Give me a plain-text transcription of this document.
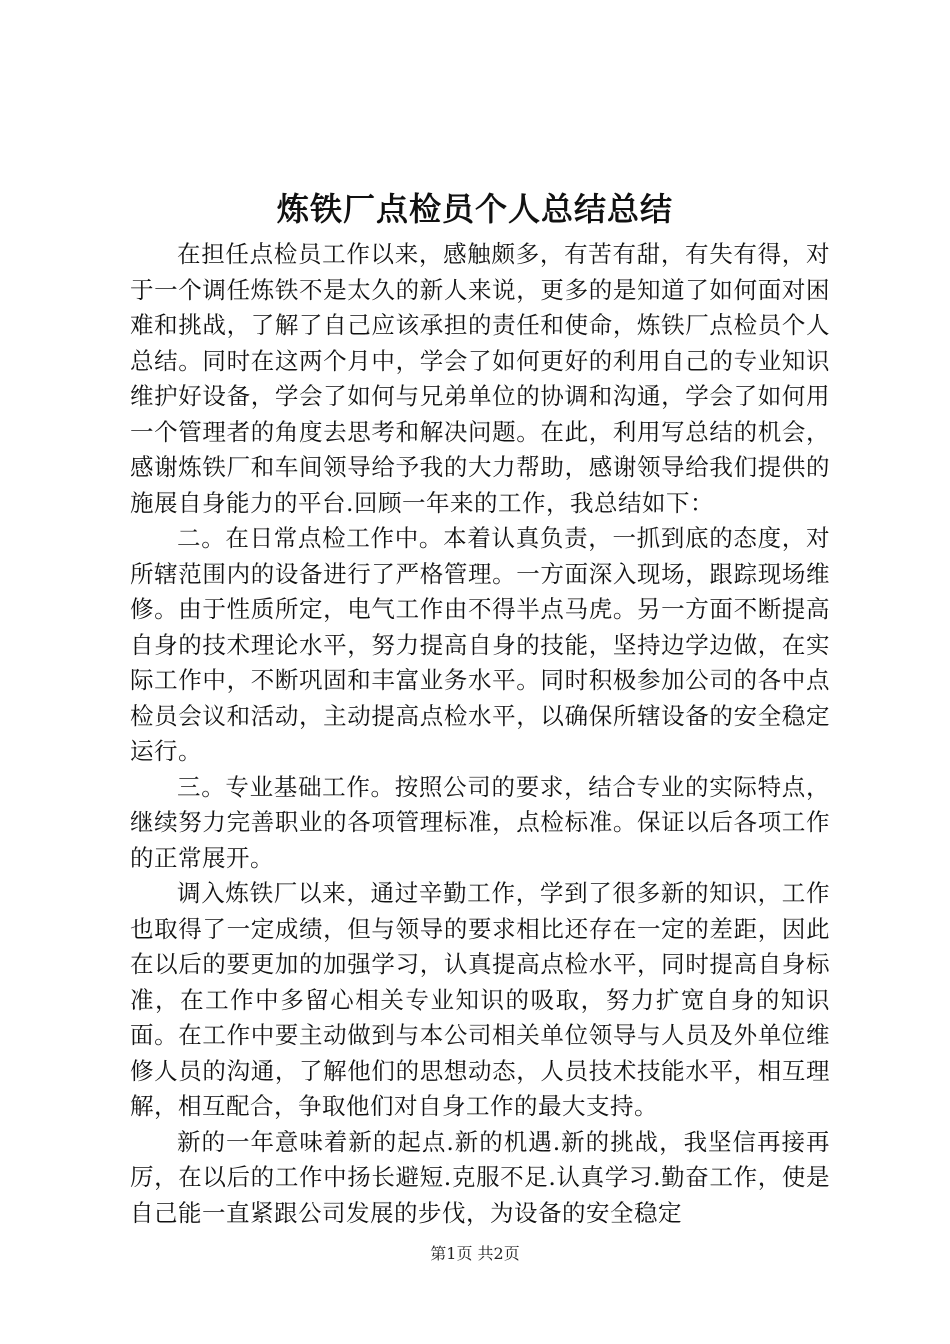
炼铁厂点检员个人总结总结

在担任点检员工作以来，感触颇多，有苦有甜，有失有得，对于一个调任炼铁不是太久的新人来说，更多的是知道了如何面对困难和挑战，了解了自己应该承担的责任和使命，炼铁厂点检员个人总结。同时在这两个月中，学会了如何更好的利用自己的专业知识维护好设备，学会了如何与兄弟单位的协调和沟通，学会了如何用一个管理者的角度去思考和解决问题。在此，利用写总结的机会，感谢炼铁厂和车间领导给予我的大力帮助，感谢领导给我们提供的施展自身能力的平台.回顾一年来的工作，我总结如下：

二。在日常点检工作中。本着认真负责，一抓到底的态度，对所辖范围内的设备进行了严格管理。一方面深入现场，跟踪现场维修。由于性质所定，电气工作由不得半点马虎。另一方面不断提高自身的技术理论水平，努力提高自身的技能，坚持边学边做，在实际工作中，不断巩固和丰富业务水平。同时积极参加公司的各中点检员会议和活动，主动提高点检水平，以确保所辖设备的安全稳定运行。

三。专业基础工作。按照公司的要求，结合专业的实际特点，继续努力完善职业的各项管理标准，点检标准。保证以后各项工作的正常展开。

调入炼铁厂以来，通过辛勤工作，学到了很多新的知识，工作也取得了一定成绩，但与领导的要求相比还存在一定的差距，因此在以后的要更加的加强学习，认真提高点检水平，同时提高自身标准，在工作中多留心相关专业知识的吸取，努力扩宽自身的知识面。在工作中要主动做到与本公司相关单位领导与人员及外单位维修人员的沟通，了解他们的思想动态，人员技术技能水平，相互理解，相互配合，争取他们对自身工作的最大支持。

新的一年意味着新的起点.新的机遇.新的挑战，我坚信再接再厉，在以后的工作中扬长避短.克服不足.认真学习.勤奋工作，使是自己能一直紧跟公司发展的步伐，为设备的安全稳定

第1页 共2页
